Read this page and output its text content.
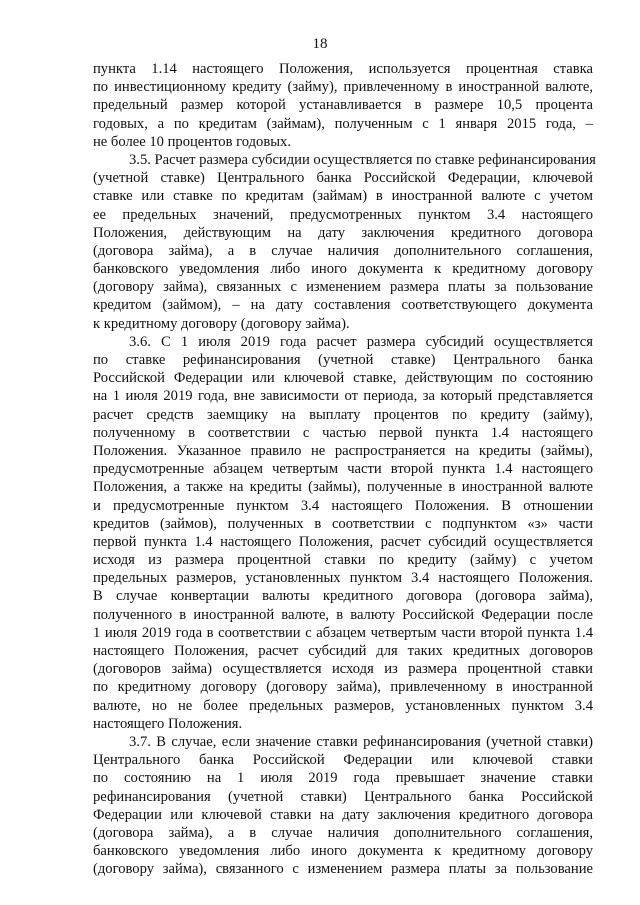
18
пункта 1.14 настоящего Положения, используется процентная ставка
по инвестиционному кредиту (займу), привлеченному в иностранной валюте,
предельный размер которой устанавливается в размере 10,5 процента
годовых, а по кредитам (займам), полученным с 1 января 2015 года, –
не более 10 процентов годовых.
3.5. Расчет размера субсидии осуществляется по ставке рефинансирования
(учетной ставке) Центрального банка Российской Федерации, ключевой
ставке или ставке по кредитам (займам) в иностранной валюте с учетом
ее предельных значений, предусмотренных пунктом 3.4 настоящего
Положения, действующим на дату заключения кредитного договора
(договора займа), а в случае наличия дополнительного соглашения,
банковского уведомления либо иного документа к кредитному договору
(договору займа), связанных с изменением размера платы за пользование
кредитом (займом), – на дату составления соответствующего документа
к кредитному договору (договору займа).
3.6. С 1 июля 2019 года расчет размера субсидий осуществляется
по ставке рефинансирования (учетной ставке) Центрального банка
Российской Федерации или ключевой ставке, действующим по состоянию
на 1 июля 2019 года, вне зависимости от периода, за который представляется
расчет средств заемщику на выплату процентов по кредиту (займу),
полученному в соответствии с частью первой пункта 1.4 настоящего
Положения. Указанное правило не распространяется на кредиты (займы),
предусмотренные абзацем четвертым части второй пункта 1.4 настоящего
Положения, а также на кредиты (займы), полученные в иностранной валюте
и предусмотренные пунктом 3.4 настоящего Положения. В отношении
кредитов (займов), полученных в соответствии с подпунктом «з» части
первой пункта 1.4 настоящего Положения, расчет субсидий осуществляется
исходя из размера процентной ставки по кредиту (займу) с учетом
предельных размеров, установленных пунктом 3.4 настоящего Положения.
В случае конвертации валюты кредитного договора (договора займа),
полученного в иностранной валюте, в валюту Российской Федерации после
1 июля 2019 года в соответствии с абзацем четвертым части второй пункта 1.4
настоящего Положения, расчет субсидий для таких кредитных договоров
(договоров займа) осуществляется исходя из размера процентной ставки
по кредитному договору (договору займа), привлеченному в иностранной
валюте, но не более предельных размеров, установленных пунктом 3.4
настоящего Положения.
3.7. В случае, если значение ставки рефинансирования (учетной ставки)
Центрального банка Российской Федерации или ключевой ставки
по состоянию на 1 июля 2019 года превышает значение ставки
рефинансирования (учетной ставки) Центрального банка Российской
Федерации или ключевой ставки на дату заключения кредитного договора
(договора займа), а в случае наличия дополнительного соглашения,
банковского уведомления либо иного документа к кредитному договору
(договору займа), связанного с изменением размера платы за пользование
